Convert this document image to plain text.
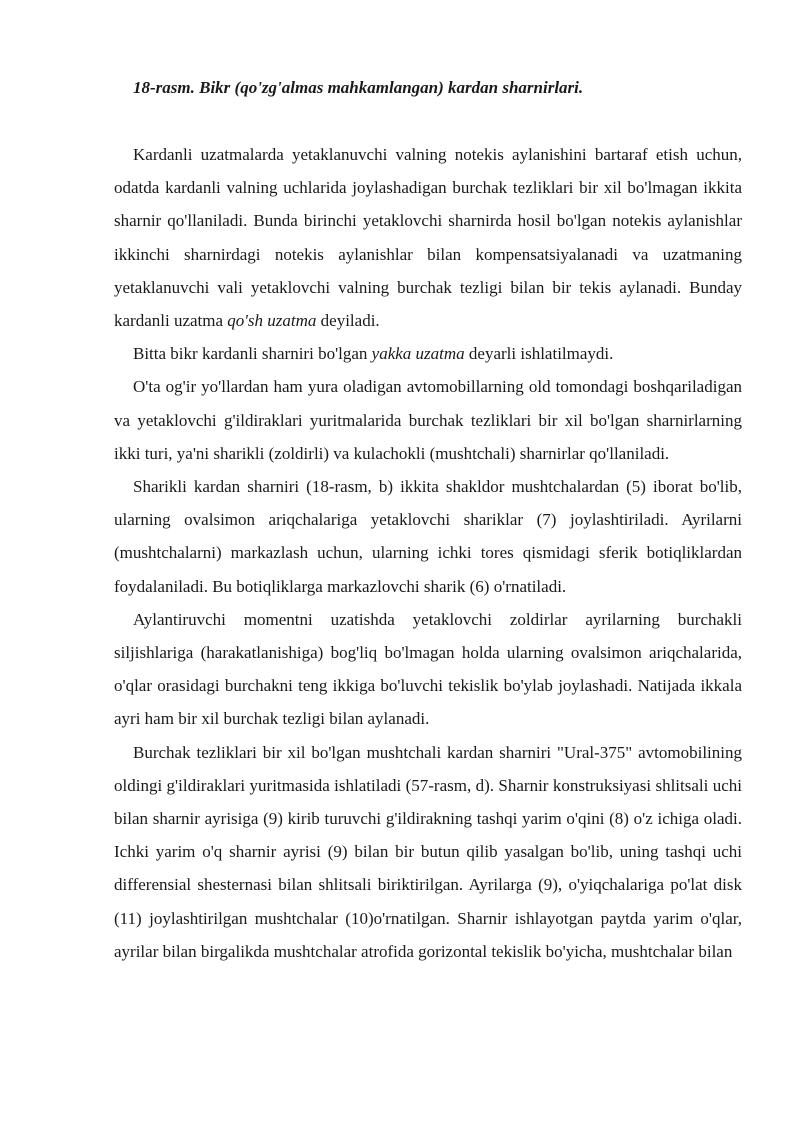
18-rasm. Bikr (qo'zg'almas mahkamlangan) kardan sharnirlari.

Kardanli uzatmalarda yetaklanuvchi valning notekis aylanishini bartaraf etish uchun, odatda kardanli valning uchlarida joylashadigan burchak tezliklari bir xil bo'lmagan ikkita sharnir qo'llaniladi. Bunda birinchi yetaklovchi sharnirda hosil bo'lgan notekis aylanishlar ikkinchi sharnirdagi notekis aylanishlar bilan kompensatsiyalanadi va uzatmaning yetaklanuvchi vali yetaklovchi valning burchak tezligi bilan bir tekis aylanadi. Bunday kardanli uzatma qo'sh uzatma deyiladi.

Bitta bikr kardanli sharniri bo'lgan yakka uzatma deyarli ishlatilmaydi.

O'ta og'ir yo'llardan ham yura oladigan avtomobillarning old tomondagi boshqariladigan va yetaklovchi g'ildiraklari yuritmalarida burchak tezliklari bir xil bo'lgan sharnirlarning ikki turi, ya'ni sharikli (zoldirli) va kulachokli (mushtchali) sharnirlar qo'llaniladi.

Sharikli kardan sharniri (18-rasm, b) ikkita shakldor mushtchalardan (5) iborat bo'lib, ularning ovalsimon ariqchalariga yetaklovchi shariklar (7) joylashtiriladi. Ayrilarni (mushtchalarni) markazlash uchun, ularning ichki tores qismidagi sferik botiqliklardan foydalaniladi. Bu botiqliklarga markazlovchi sharik (6) o'rnatiladi.

Aylantiruvchi momentni uzatishda yetaklovchi zoldirlar ayrilarning burchakli siljishlariga (harakatlanishiga) bog'liq bo'lmagan holda ularning ovalsimon ariqchalarida, o'qlar orasidagi burchakni teng ikkiga bo'luvchi tekislik bo'ylab joylashadi. Natijada ikkala ayri ham bir xil burchak tezligi bilan aylanadi.

Burchak tezliklari bir xil bo'lgan mushtchali kardan sharniri "Ural-375" avtomobilining oldingi g'ildiraklari yuritmasida ishlatiladi (57-rasm, d). Sharnir konstruksiyasi shlitsali uchi bilan sharnir ayrisiga (9) kirib turuvchi g'ildirakning tashqi yarim o'qini (8) o'z ichiga oladi. Ichki yarim o'q sharnir ayrisi (9) bilan bir butun qilib yasalgan bo'lib, uning tashqi uchi differensial shesternasi bilan shlitsali biriktirilgan. Ayrilarga (9), o'yiqchalariga po'lat disk (11) joylashtirilgan mushtchalar (10)o'rnatilgan. Sharnir ishlayotgan paytda yarim o'qlar, ayrilar bilan birgalikda mushtchalar atrofida gorizontal tekislik bo'yicha, mushtchalar bilan
